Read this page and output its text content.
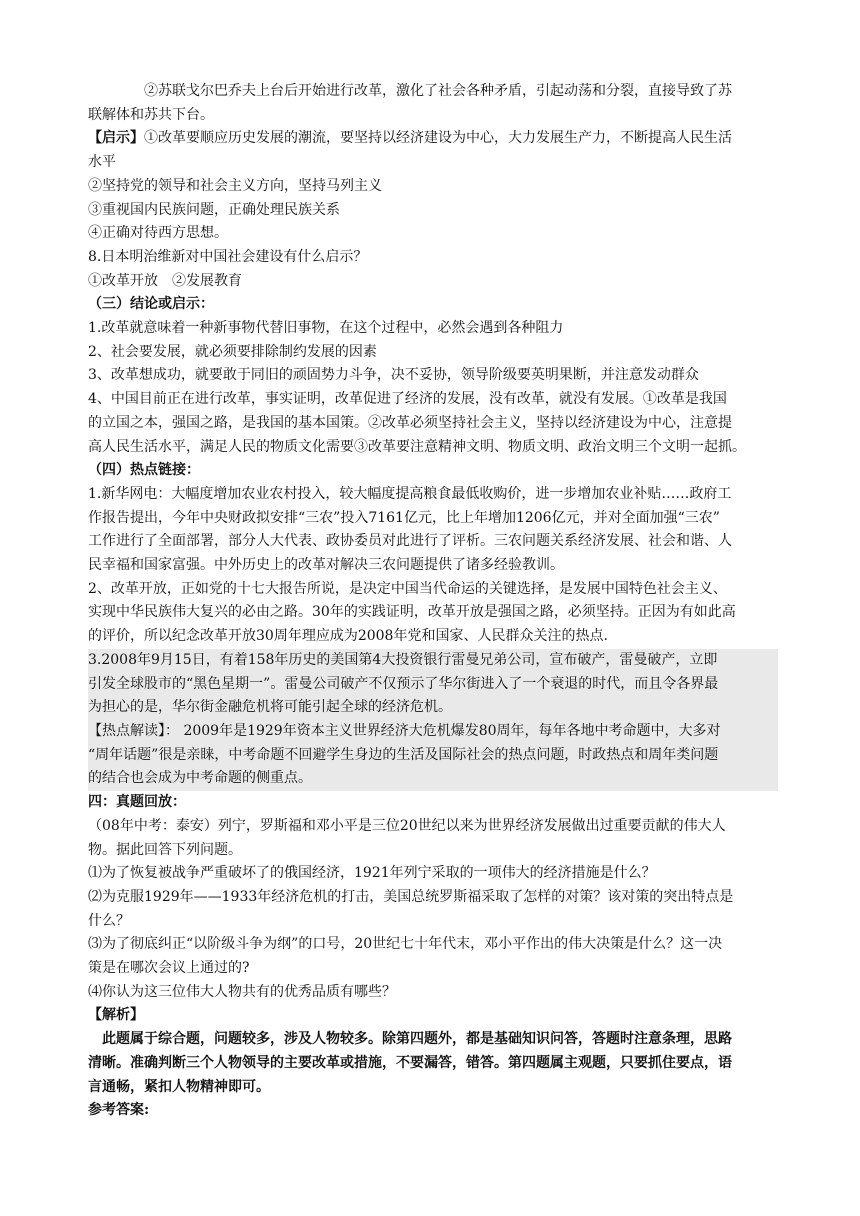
②苏联戈尔巴乔夫上台后开始进行改革，激化了社会各种矛盾，引起动荡和分裂，直接导致了苏
联解体和苏共下台。
【启示】①改革要顺应历史发展的潮流，要坚持以经济建设为中心，大力发展生产力，不断提高人民生活
水平
②坚持党的领导和社会主义方向，坚持马列主义
③重视国内民族问题，正确处理民族关系
④正确对待西方思想。
8.日本明治维新对中国社会建设有什么启示？
①改革开放　②发展教育
（三）结论或启示：
1.改革就意味着一种新事物代替旧事物，在这个过程中，必然会遇到各种阻力
2、社会要发展，就必须要排除制约发展的因素
3、改革想成功，就要敢于同旧的顽固势力斗争，决不妥协，领导阶级要英明果断，并注意发动群众
4、中国目前正在进行改革，事实证明，改革促进了经济的发展，没有改革，就没有发展。①改革是我国
的立国之本，强国之路，是我国的基本国策。②改革必须坚持社会主义，坚持以经济建设为中心，注意提
高人民生活水平，满足人民的物质文化需要③改革要注意精神文明、物质文明、政治文明三个文明一起抓。
（四）热点链接：
1.新华网电：大幅度增加农业农村投入，较大幅度提高粮食最低收购价，进一步增加农业补贴……政府工
作报告提出，今年中央财政拟安排“三农”投入7161亿元，比上年增加1206亿元，并对全面加强“三农”
工作进行了全面部署，部分人大代表、政协委员对此进行了评析。三农问题关系经济发展、社会和谐、人
民幸福和国家富强。中外历史上的改革对解决三农问题提供了诸多经验教训。
2、改革开放，正如党的十七大报告所说，是决定中国当代命运的关键选择，是发展中国特色社会主义、
实现中华民族伟大复兴的必由之路。30年的实践证明，改革开放是强国之路，必须坚持。正因为有如此高
的评价，所以纪念改革开放30周年理应成为2008年党和国家、人民群众关注的热点.
3.2008年9月15日，有着158年历史的美国第4大投资银行雷曼兄弟公司，宣布破产，雷曼破产，立即
引发全球股市的“黑色星期一”。雷曼公司破产不仅预示了华尔街进入了一个衰退的时代，而且令各界最
为担心的是，华尔街金融危机将可能引起全球的经济危机。
【热点解读】： 2009年是1929年资本主义世界经济大危机爆发80周年，每年各地中考命题中，大多对
“周年话题”很是亲睐，中考命题不回避学生身边的生活及国际社会的热点问题，时政热点和周年类问题
的结合也会成为中考命题的侧重点。
四：真题回放：
（08年中考：泰安）列宁，罗斯福和邓小平是三位20世纪以来为世界经济发展做出过重要贡献的伟大人
物。据此回答下列问题。
⑴为了恢复被战争严重破坏了的俄国经济，1921年列宁采取的一项伟大的经济措施是什么？
⑵为克服1929年——1933年经济危机的打击，美国总统罗斯福采取了怎样的对策？该对策的突出特点是
什么？
⑶为了彻底纠正“以阶级斗争为纲”的口号，20世纪七十年代末，邓小平作出的伟大决策是什么？这一决
策是在哪次会议上通过的?
⑷你认为这三位伟大人物共有的优秀品质有哪些？
【解析】
此题属于综合题，问题较多，涉及人物较多。除第四题外，都是基础知识问答，答题时注意条理，思路
清晰。准确判断三个人物领导的主要改革或措施，不要漏答，错答。第四题属主观题，只要抓住要点，语
言通畅，紧扣人物精神即可。
参考答案:
